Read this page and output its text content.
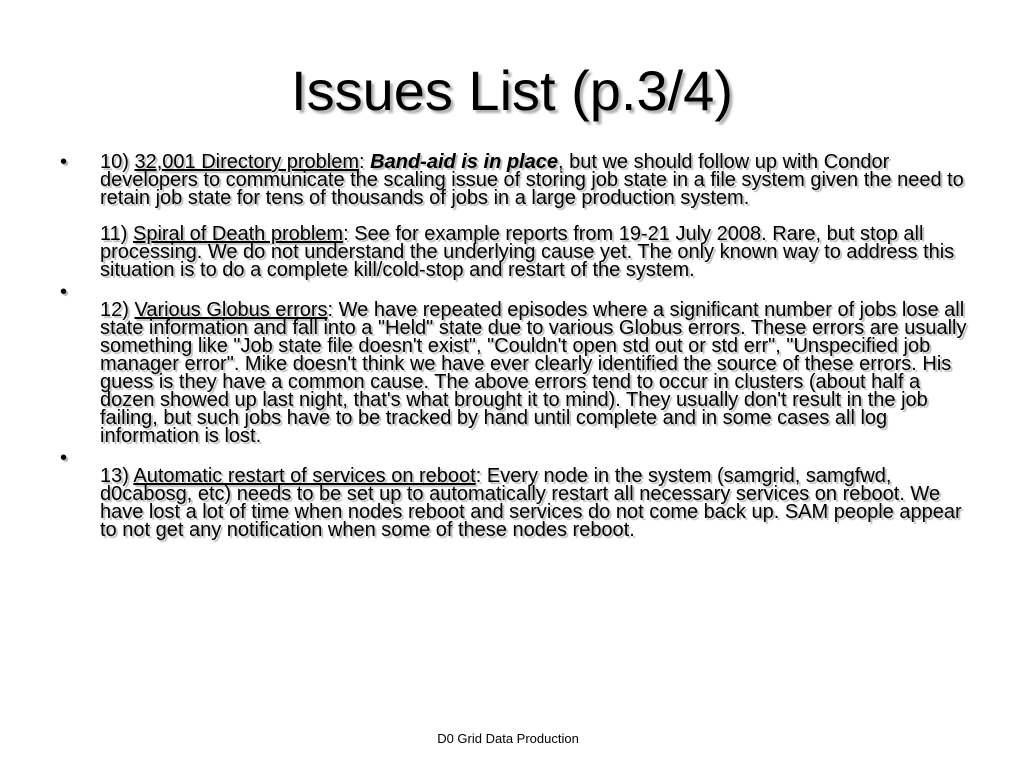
Issues List (p.3/4)
• 10) 32,001 Directory problem: Band-aid is in place, but we should follow up with Condor developers to communicate the scaling issue of storing job state in a file system given the need to retain job state for tens of thousands of jobs in a large production system.

11) Spiral of Death problem: See for example reports from 19-21 July 2008. Rare, but stop all processing. We do not understand the underlying cause yet. The only known way to address this situation is to do a complete kill/cold-stop and restart of the system.

•

12) Various Globus errors: We have repeated episodes where a significant number of jobs lose all state information and fall into a "Held" state due to various Globus errors. These errors are usually something like "Job state file doesn't exist", "Couldn't open std out or std err", "Unspecified job manager error". Mike doesn't think we have ever clearly identified the source of these errors. His guess is they have a common cause. The above errors tend to occur in clusters (about half a dozen showed up last night, that's what brought it to mind). They usually don't result in the job failing, but such jobs have to be tracked by hand until complete and in some cases all log information is lost.

•

13) Automatic restart of services on reboot: Every node in the system (samgrid, samgfwd, d0cabosg, etc) needs to be set up to automatically restart all necessary services on reboot. We have lost a lot of time when nodes reboot and services do not come back up. SAM people appear to not get any notification when some of these nodes reboot.

D0 Grid Data Production
